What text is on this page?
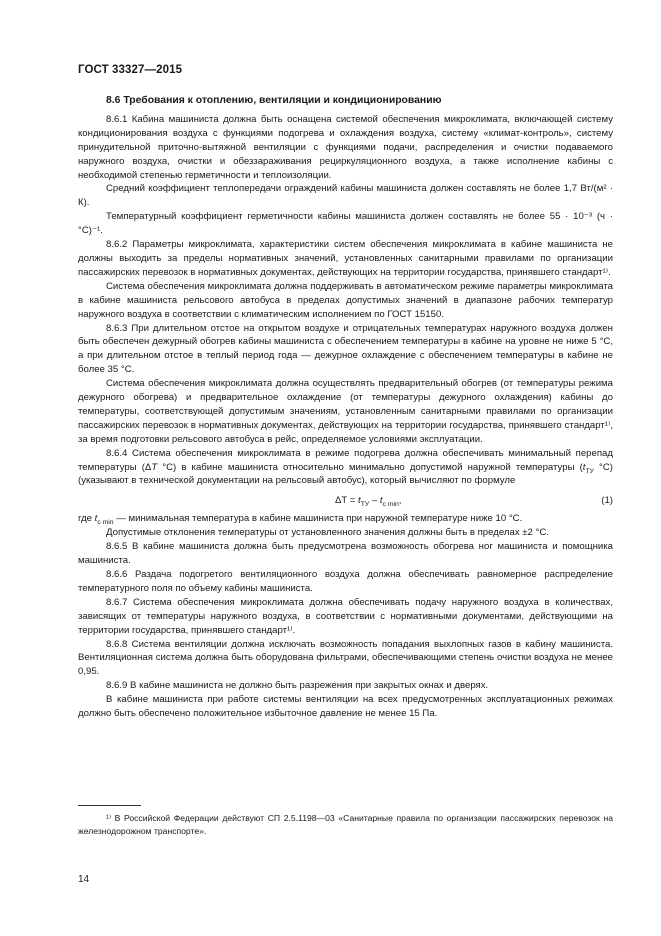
ГОСТ 33327—2015
8.6 Требования к отоплению, вентиляции и кондиционированию

8.6.1 Кабина машиниста должна быть оснащена системой обеспечения микроклимата, включающей систему кондиционирования воздуха с функциями подогрева и охлаждения воздуха, систему «климат-контроль», систему принудительной приточно-вытяжной вентиляции с функциями подачи, распределения и очистки подаваемого наружного воздуха, очистки и обеззараживания рециркуляционного воздуха, а также исполнение кабины с необходимой степенью герметичности и теплоизоляции.

Средний коэффициент теплопередачи ограждений кабины машиниста должен составлять не более 1,7 Вт/(м² · К).

Температурный коэффициент герметичности кабины машиниста должен составлять не более 55 · 10⁻³ (ч · °C)⁻¹.

8.6.2 Параметры микроклимата, характеристики систем обеспечения микроклимата в кабине машиниста не должны выходить за пределы нормативных значений, установленных санитарными правилами по организации пассажирских перевозок в нормативных документах, действующих на территории государства, принявшего стандарт¹⁾.

Система обеспечения микроклимата должна поддерживать в автоматическом режиме параметры микроклимата в кабине машиниста рельсового автобуса в пределах допустимых значений в диапазоне рабочих температур наружного воздуха в соответствии с климатическим исполнением по ГОСТ 15150.

8.6.3 При длительном отстое на открытом воздухе и отрицательных температурах наружного воздуха должен быть обеспечен дежурный обогрев кабины машиниста с обеспечением температуры в кабине на уровне не ниже 5 °С, а при длительном отстое в теплый период года — дежурное охлаждение с обеспечением температуры в кабине не более 35 °С.

Система обеспечения микроклимата должна осуществлять предварительный обогрев (от температуры режима дежурного обогрева) и предварительное охлаждение (от температуры дежурного охлаждения) кабины до температуры, соответствующей допустимым значениям, установленным санитарными правилами по организации пассажирских перевозок в нормативных документах, действующих на территории государства, принявшего стандарт¹⁾, за время подготовки рельсового автобуса в рейс, определяемое условиями эксплуатации.

8.6.4 Система обеспечения микроклимата в режиме подогрева должна обеспечивать минимальный перепад температуры (ΔT °С) в кабине машиниста относительно минимально допустимой наружной температуры ($t_{ТУ}$ °С) (указывают в технической документации на рельсовый автобус), который вычисляют по формуле

$\Delta T = t_{ТУ} - t_{с min}$,	(1)

где $t_{с min}$ — минимальная температура в кабине машиниста при наружной температуре ниже 10 °С.

Допустимые отклонения температуры от установленного значения должны быть в пределах ±2 °С.

8.6.5 В кабине машиниста должна быть предусмотрена возможность обогрева ног машиниста и помощника машиниста.

8.6.6 Раздача подогретого вентиляционного воздуха должна обеспечивать равномерное распределение температурного поля по объему кабины машиниста.

8.6.7 Система обеспечения микроклимата должна обеспечивать подачу наружного воздуха в количествах, зависящих от температуры наружного воздуха, в соответствии с нормативными документами, действующими на территории государства, принявшего стандарт¹⁾.

8.6.8 Система вентиляции должна исключать возможность попадания выхлопных газов в кабину машиниста. Вентиляционная система должна быть оборудована фильтрами, обеспечивающими степень очистки воздуха не менее 0,95.

8.6.9 В кабине машиниста не должно быть разрежения при закрытых окнах и дверях.

В кабине машиниста при работе системы вентиляции на всех предусмотренных эксплуатационных режимах должно быть обеспечено положительное избыточное давление не менее 15 Па.

¹⁾ В Российской Федерации действуют СП 2.5.1198—03 «Санитарные правила по организации пассажирских перевозок на железнодорожном транспорте».

14
